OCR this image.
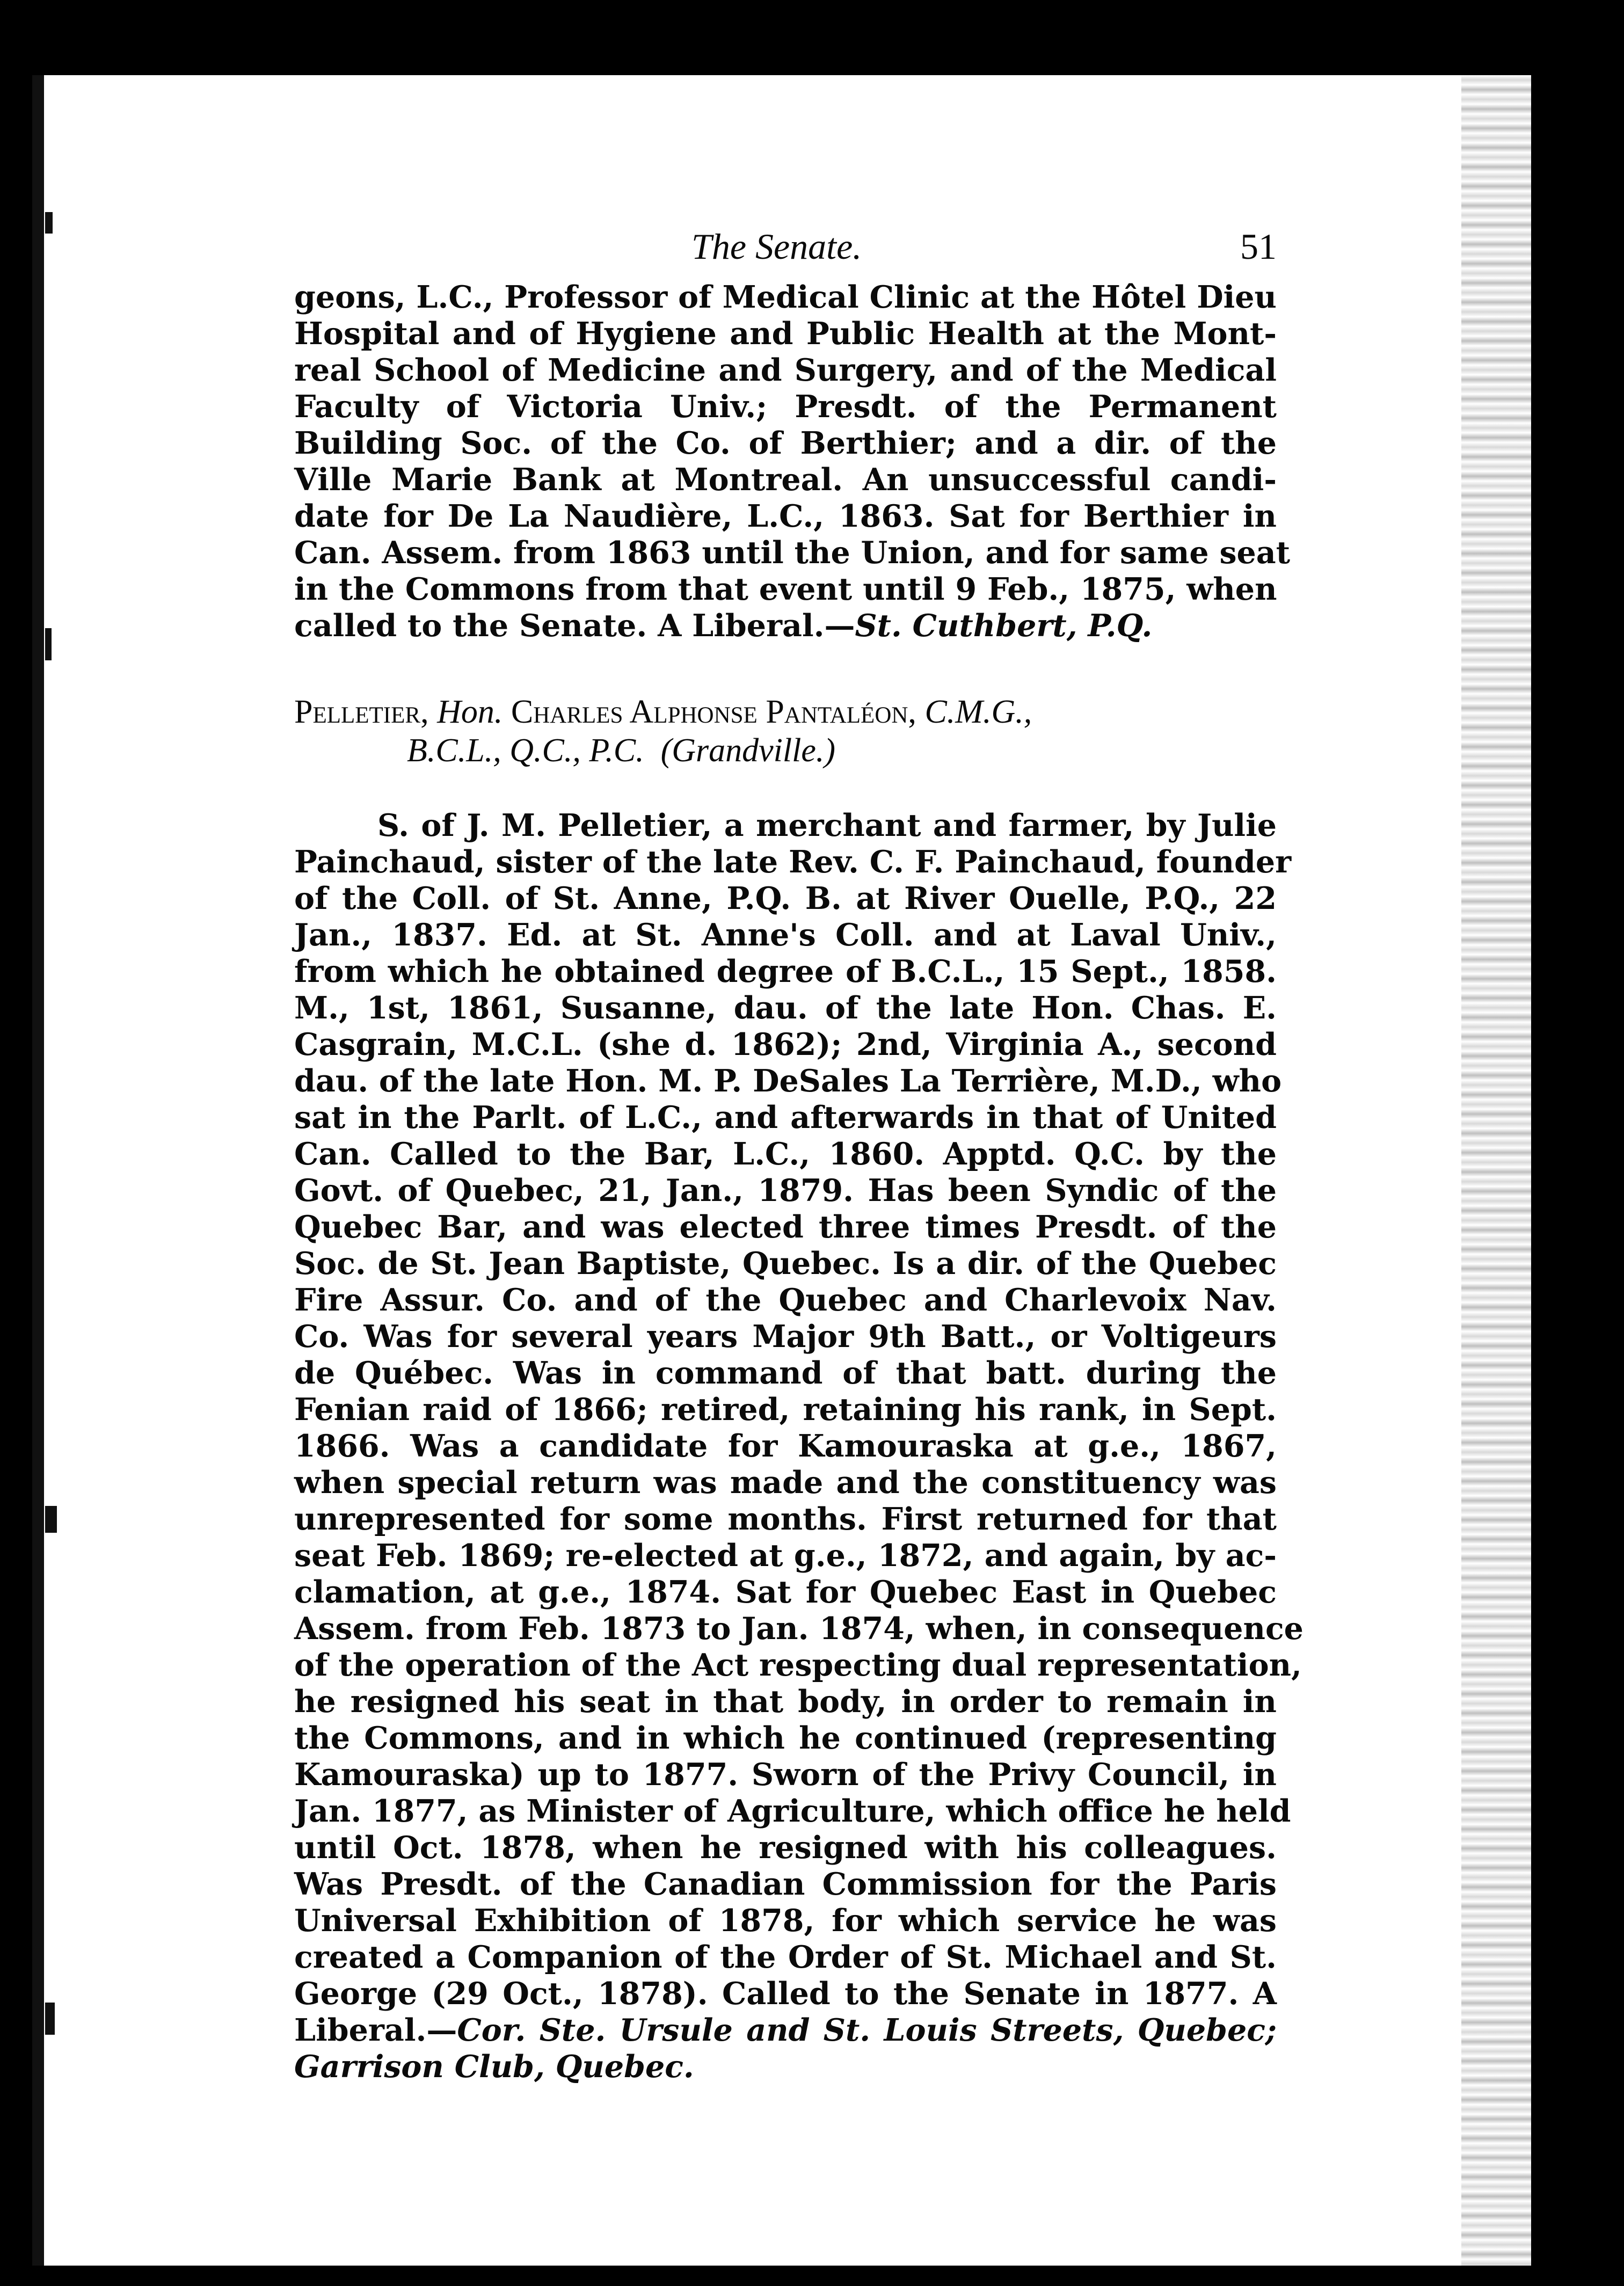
The Senate.	51

geons, L.C., Professor of Medical Clinic at the Hôtel Dieu
Hospital and of Hygiene and Public Health at the Mont-
real School of Medicine and Surgery, and of the Medical
Faculty of Victoria Univ.; Presdt. of the Permanent
Building Soc. of the Co. of Berthier; and a dir. of the
Ville Marie Bank at Montreal. An unsuccessful candi-
date for De La Naudière, L.C., 1863. Sat for Berthier in
Can. Assem. from 1863 until the Union, and for same seat
in the Commons from that event until 9 Feb., 1875, when
called to the Senate. A Liberal.—St. Cuthbert, P.Q.

Pelletier, Hon. Charles Alphonse Pantaléon, C.M.G.,
B.C.L., Q.C., P.C. (Grandville.)

S. of J. M. Pelletier, a merchant and farmer, by Julie
Painchaud, sister of the late Rev. C. F. Painchaud, founder
of the Coll. of St. Anne, P.Q. B. at River Ouelle, P.Q., 22
Jan., 1837. Ed. at St. Anne's Coll. and at Laval Univ.,
from which he obtained degree of B.C.L., 15 Sept., 1858.
M., 1st, 1861, Susanne, dau. of the late Hon. Chas. E.
Casgrain, M.C.L. (she d. 1862); 2nd, Virginia A., second
dau. of the late Hon. M. P. DeSales La Terrière, M.D., who
sat in the Parlt. of L.C., and afterwards in that of United
Can. Called to the Bar, L.C., 1860. Apptd. Q.C. by the
Govt. of Quebec, 21, Jan., 1879. Has been Syndic of the
Quebec Bar, and was elected three times Presdt. of the
Soc. de St. Jean Baptiste, Quebec. Is a dir. of the Quebec
Fire Assur. Co. and of the Quebec and Charlevoix Nav.
Co. Was for several years Major 9th Batt., or Voltigeurs
de Québec. Was in command of that batt. during the
Fenian raid of 1866; retired, retaining his rank, in Sept.
1866. Was a candidate for Kamouraska at g.e., 1867,
when special return was made and the constituency was
unrepresented for some months. First returned for that
seat Feb. 1869; re-elected at g.e., 1872, and again, by ac-
clamation, at g.e., 1874. Sat for Quebec East in Quebec
Assem. from Feb. 1873 to Jan. 1874, when, in consequence
of the operation of the Act respecting dual representation,
he resigned his seat in that body, in order to remain in
the Commons, and in which he continued (representing
Kamouraska) up to 1877. Sworn of the Privy Council, in
Jan. 1877, as Minister of Agriculture, which office he held
until Oct. 1878, when he resigned with his colleagues.
Was Presdt. of the Canadian Commission for the Paris
Universal Exhibition of 1878, for which service he was
created a Companion of the Order of St. Michael and St.
George (29 Oct., 1878). Called to the Senate in 1877. A
Liberal.—Cor. Ste. Ursule and St. Louis Streets, Quebec;
Garrison Club, Quebec.
